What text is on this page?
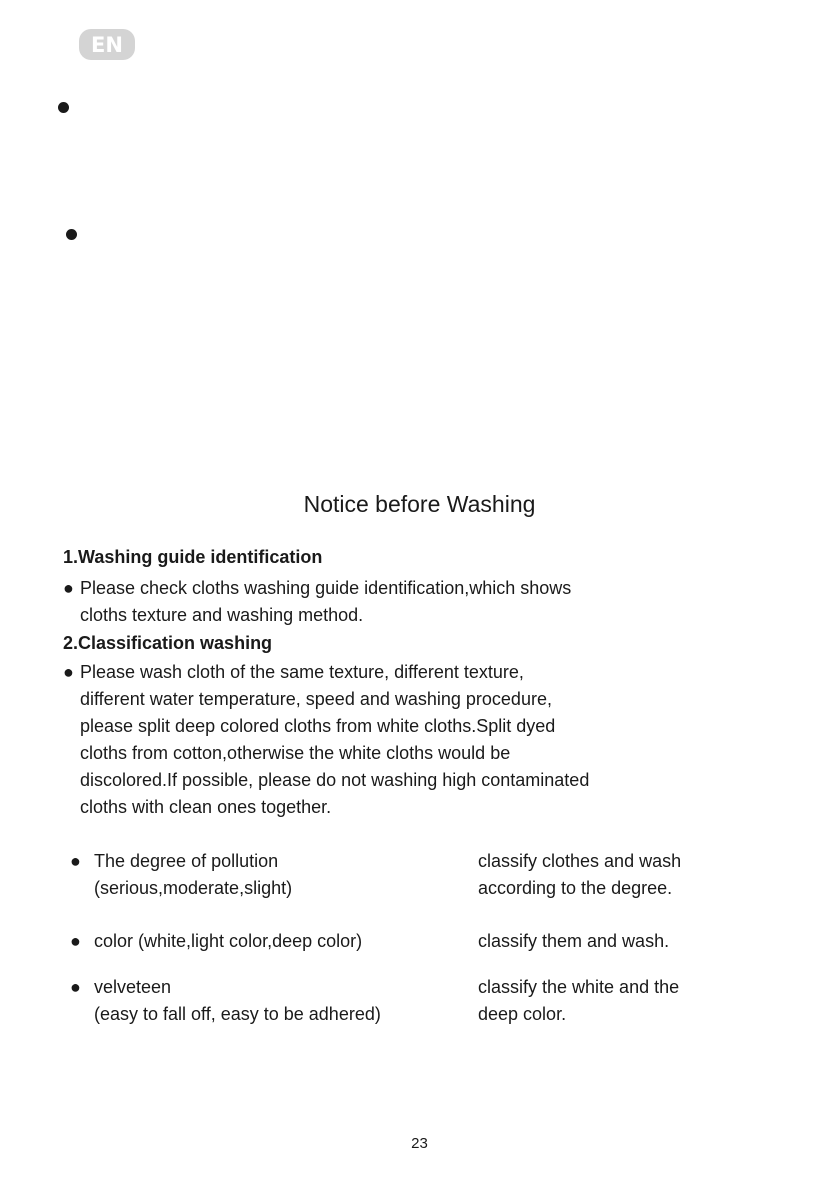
EN
Notice before Washing
1.Washing guide identification
● Please check cloths washing guide identification,which shows
cloths texture and washing method.
2.Classification washing
● Please wash cloth of the same texture, different texture,
different water temperature, speed and washing procedure,
please split deep colored cloths from white cloths.Split dyed
cloths from cotton,otherwise the white cloths would be
discolored.If possible, please do not washing high contaminated
cloths with clean ones together.
● The degree of pollution
(serious,moderate,slight)
classify clothes and wash
according to the degree.
● color (white,light color,deep color)	classify them and wash.
● velveteen
(easy to fall off, easy to be adhered)
classify the white and the
deep color.
23
